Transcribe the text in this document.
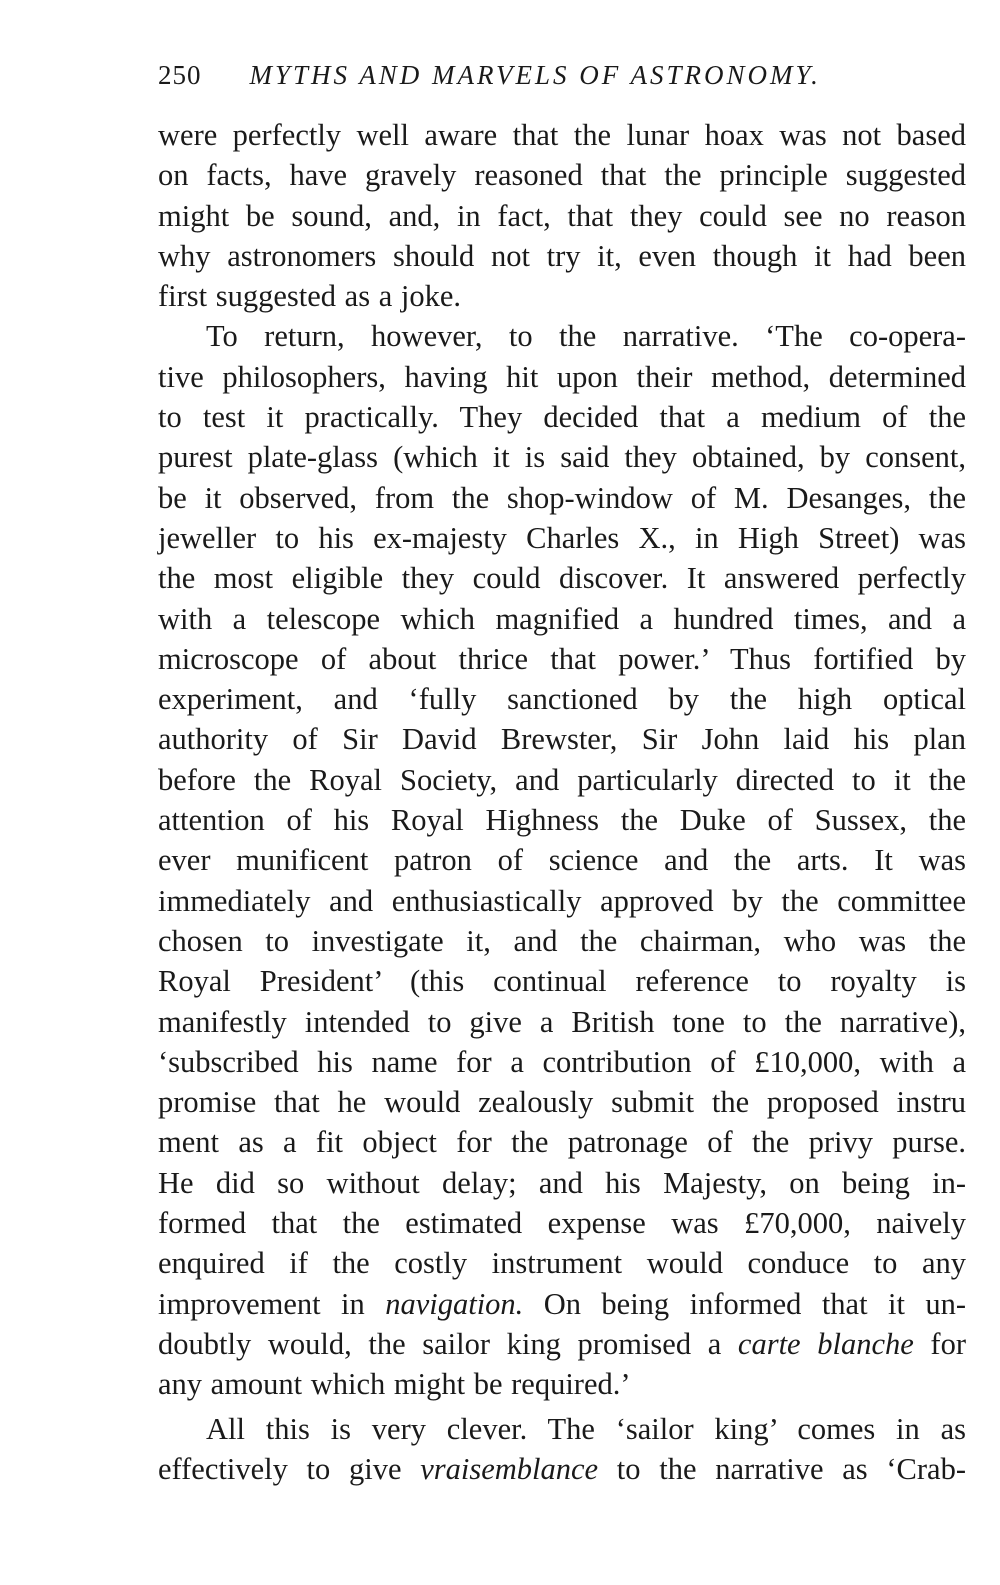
250 MYTHS AND MARVELS OF ASTRONOMY.
were perfectly well aware that the lunar hoax was not based
on facts, have gravely reasoned that the principle suggested
might be sound, and, in fact, that they could see no reason
why astronomers should not try it, even though it had been
first suggested as a joke.
To return, however, to the narrative. ‘The co-opera-
tive philosophers, having hit upon their method, determined
to test it practically. They decided that a medium of the
purest plate-glass (which it is said they obtained, by consent,
be it observed, from the shop-window of M. Desanges, the
jeweller to his ex-majesty Charles X., in High Street) was
the most eligible they could discover. It answered perfectly
with a telescope which magnified a hundred times, and a
microscope of about thrice that power.’ Thus fortified by
experiment, and ‘fully sanctioned by the high optical
authority of Sir David Brewster, Sir John laid his plan
before the Royal Society, and particularly directed to it the
attention of his Royal Highness the Duke of Sussex, the
ever munificent patron of science and the arts. It was
immediately and enthusiastically approved by the committee
chosen to investigate it, and the chairman, who was the
Royal President’ (this continual reference to royalty is
manifestly intended to give a British tone to the narrative),
‘subscribed his name for a contribution of £10,000, with a
promise that he would zealously submit the proposed instru
ment as a fit object for the patronage of the privy purse.
He did so without delay; and his Majesty, on being in-
formed that the estimated expense was £70,000, naively
enquired if the costly instrument would conduce to any
improvement in navigation. On being informed that it un-
doubtly would, the sailor king promised a carte blanche for
any amount which might be required.’
All this is very clever. The ‘sailor king’ comes in as
effectively to give vraisemblance to the narrative as ‘Crab-
